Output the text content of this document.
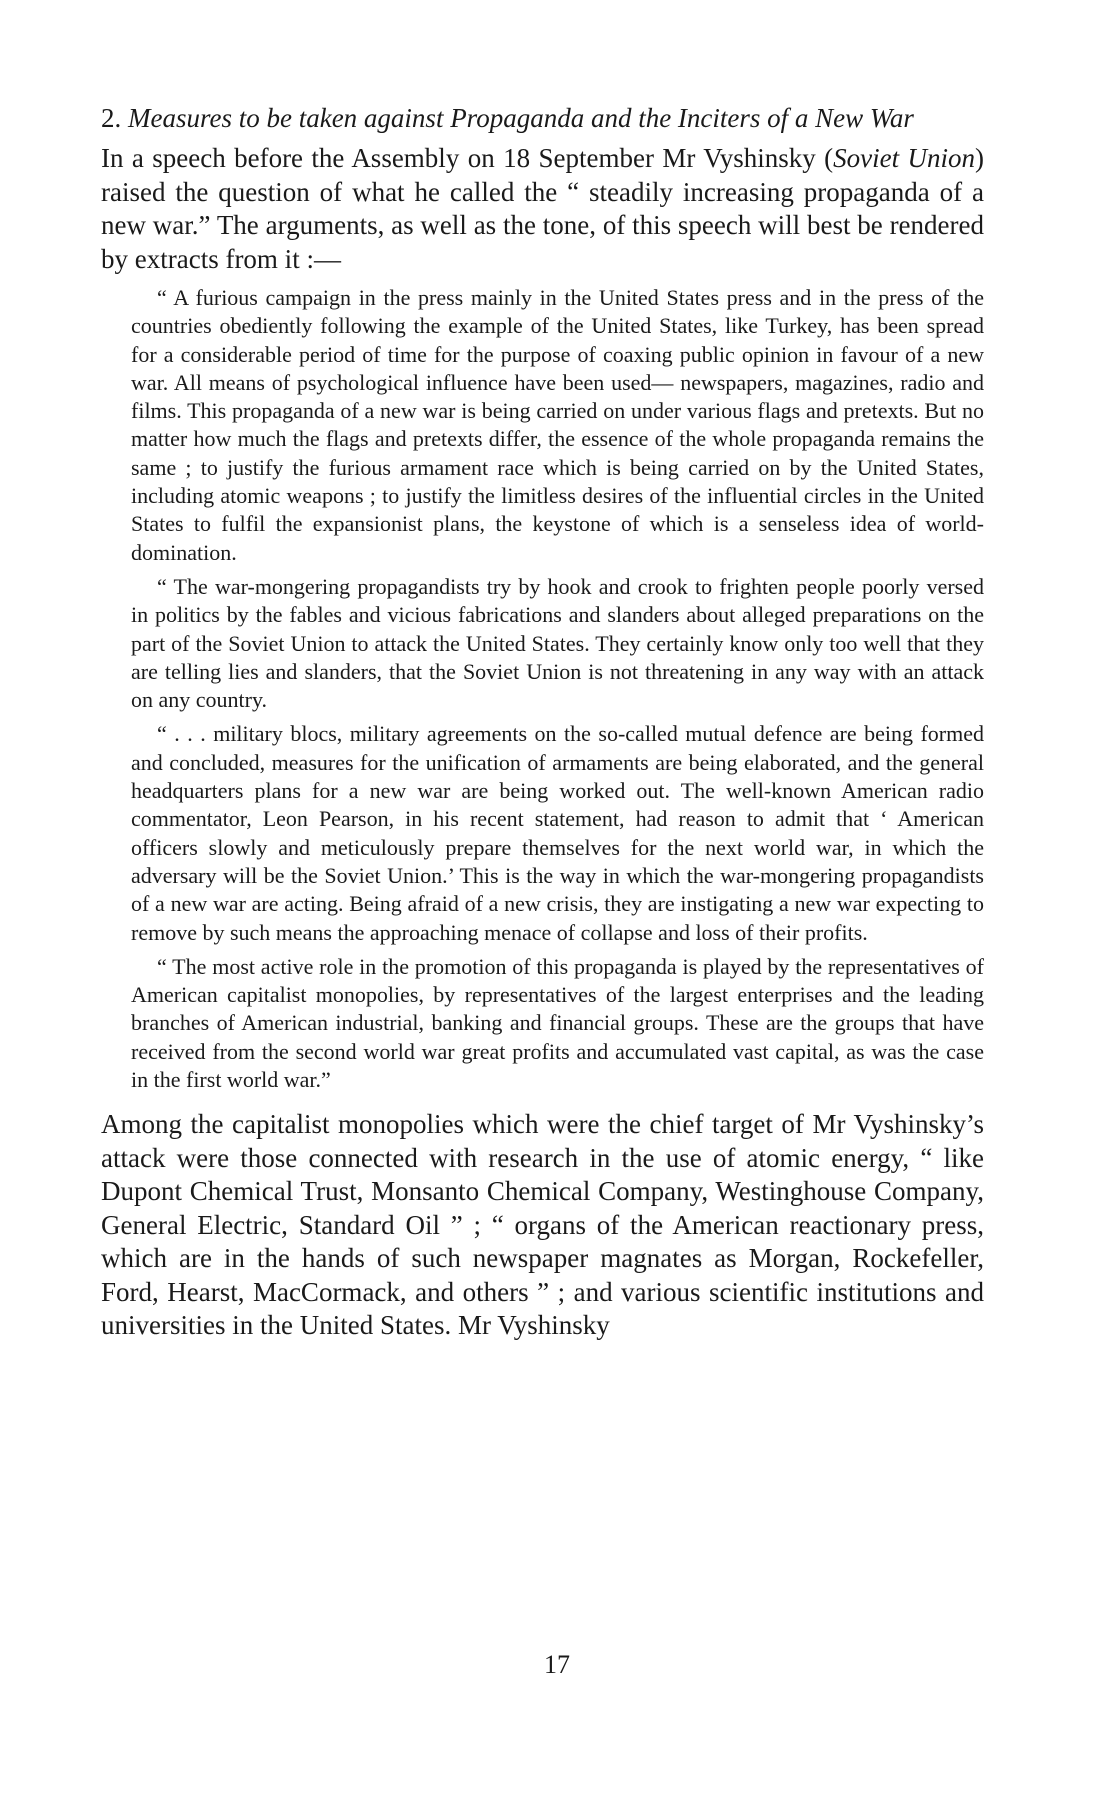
2. Measures to be taken against Propaganda and the Inciters of a New War

In a speech before the Assembly on 18 September Mr Vyshinsky (Soviet Union) raised the question of what he called the “ steadily increasing propaganda of a new war.” The arguments, as well as the tone, of this speech will best be rendered by extracts from it :—

“ A furious campaign in the press mainly in the United States press and in the press of the countries obediently following the example of the United States, like Turkey, has been spread for a considerable period of time for the purpose of coaxing public opinion in favour of a new war. All means of psychological influence have been used— newspapers, magazines, radio and films. This propaganda of a new war is being carried on under various flags and pretexts. But no matter how much the flags and pretexts differ, the essence of the whole propaganda remains the same ; to justify the furious armament race which is being carried on by the United States, including atomic weapons ; to justify the limitless desires of the influential circles in the United States to fulfil the expansionist plans, the keystone of which is a senseless idea of world-domination.

“ The war-mongering propagandists try by hook and crook to frighten people poorly versed in politics by the fables and vicious fabrications and slanders about alleged preparations on the part of the Soviet Union to attack the United States. They certainly know only too well that they are telling lies and slanders, that the Soviet Union is not threatening in any way with an attack on any country.

“ . . . military blocs, military agreements on the so-called mutual defence are being formed and concluded, measures for the unification of armaments are being elaborated, and the general headquarters plans for a new war are being worked out. The well-known American radio commentator, Leon Pearson, in his recent statement, had reason to admit that ‘ American officers slowly and meticulously prepare themselves for the next world war, in which the adversary will be the Soviet Union.’ This is the way in which the war-mongering propagandists of a new war are acting. Being afraid of a new crisis, they are instigating a new war expecting to remove by such means the approaching menace of collapse and loss of their profits.

“ The most active role in the promotion of this propaganda is played by the representatives of American capitalist monopolies, by representatives of the largest enterprises and the leading branches of American industrial, banking and financial groups. These are the groups that have received from the second world war great profits and accumulated vast capital, as was the case in the first world war.”

Among the capitalist monopolies which were the chief target of Mr Vyshinsky’s attack were those connected with research in the use of atomic energy, “ like Dupont Chemical Trust, Monsanto Chemical Company, Westinghouse Company, General Electric, Standard Oil ” ; “ organs of the American reactionary press, which are in the hands of such newspaper magnates as Morgan, Rockefeller, Ford, Hearst, MacCormack, and others ” ; and various scientific institutions and universities in the United States. Mr Vyshinsky

17
